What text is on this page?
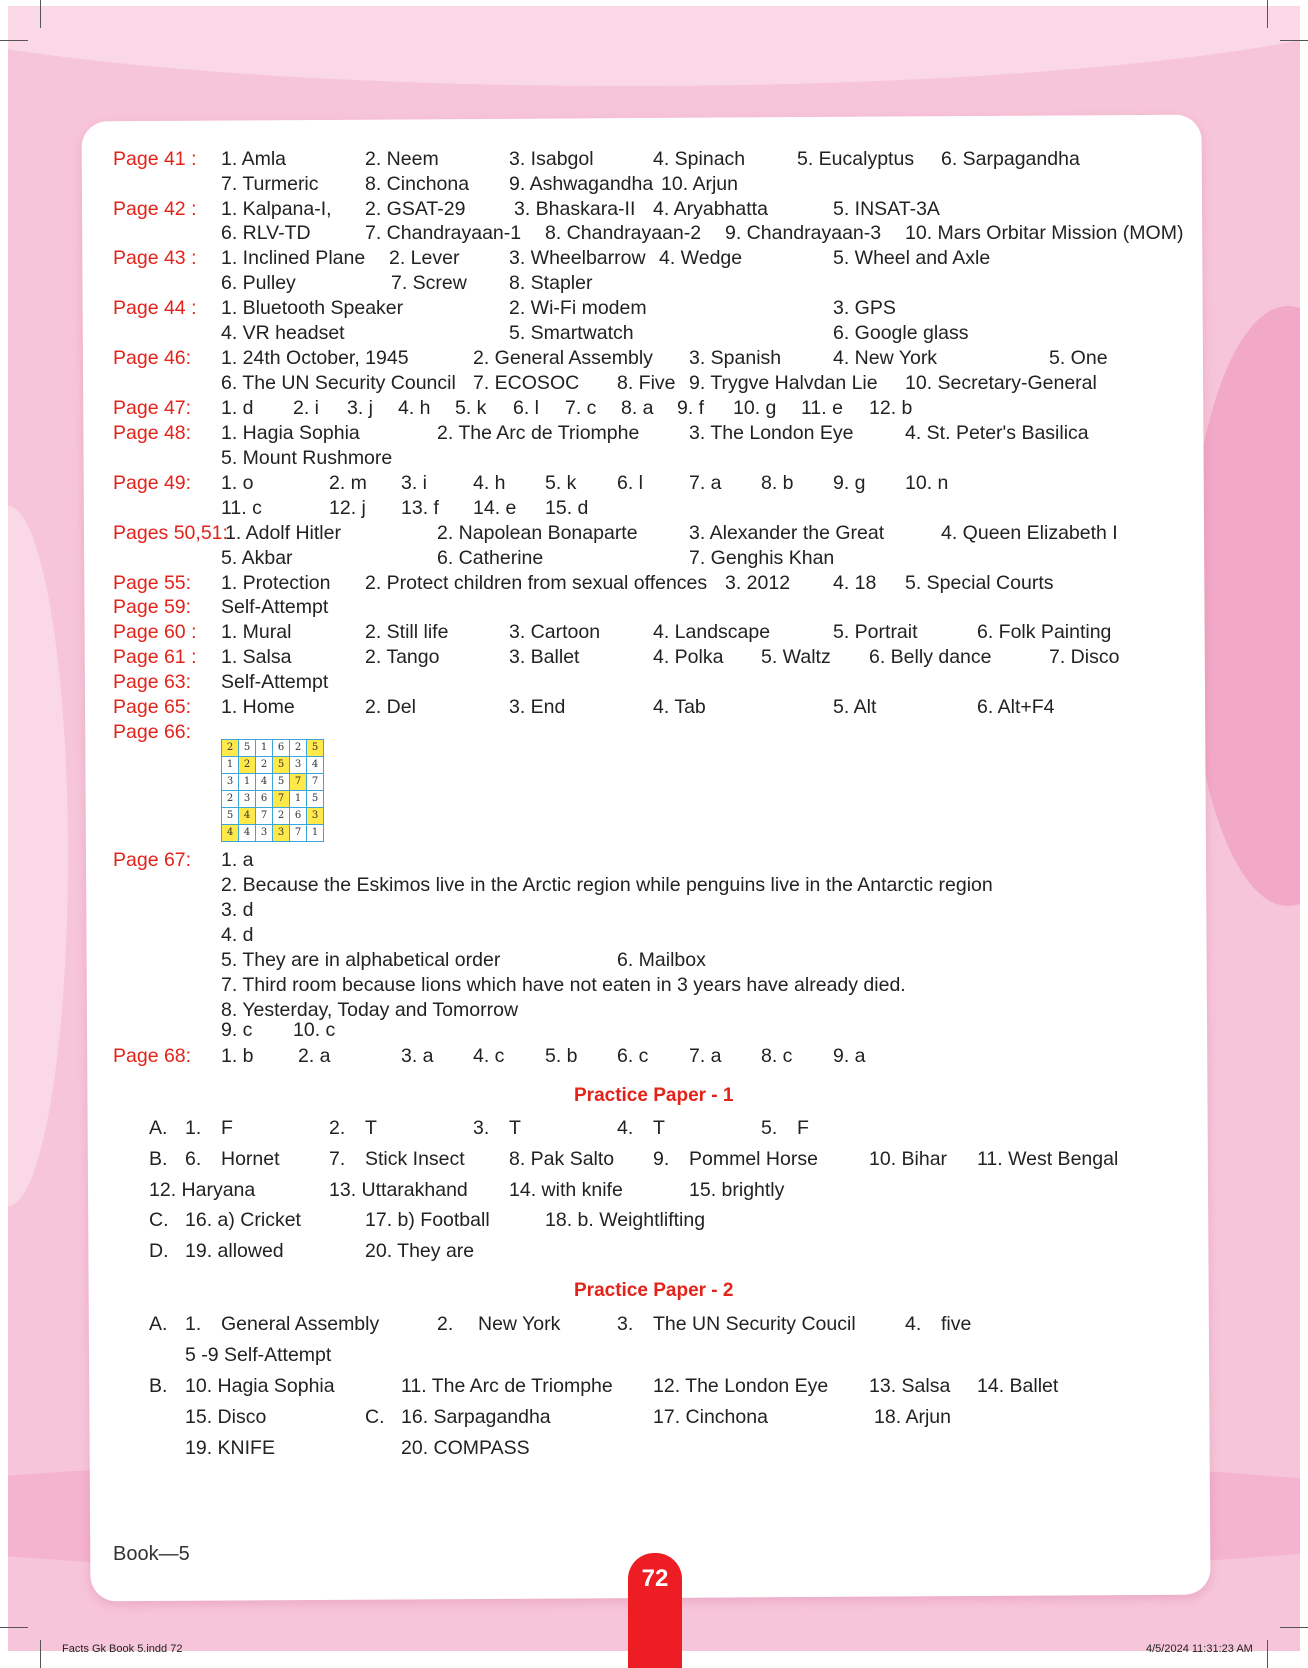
Page 41 : 1. Amla	2. Neem	3. Isabgol	4. Spinach	5. Eucalyptus 6. Sarpagandha
7. Turmeric 8. Cinchona 9. Ashwagandha 10. Arjun
Page 42 : 1. Kalpana-I, 2. GSAT-29 3. Bhaskara-II 4. Aryabhatta	5. INSAT-3A
6. RLV-TD	7. Chandrayaan-1 8. Chandrayaan-2 9. Chandrayaan-3 10. Mars Orbitar Mission (MOM)
Page 43 : 1. Inclined Plane 2. Lever	3. Wheelbarrow 4. Wedge	5. Wheel and Axle
6. Pulley	7. Screw 8. Stapler
Page 44 : 1. Bluetooth Speaker	2. Wi-Fi modem	3. GPS
4. VR headset	5. Smartwatch	6. Google glass
Page 46: 1. 24th October, 1945	2. General Assembly 3. Spanish	4. New York	5. One
6. The UN Security Council 7. ECOSOC 8. Five 9. Trygve Halvdan Lie 10. Secretary-General
Page 47: 1. d 2. i 3. j 4. h 5. k 6. l 7. c 8. a 9. f 10. g 11. e 12. b
Page 48: 1. Hagia Sophia	2. The Arc de Triomphe	3. The London Eye	4. St. Peter's Basilica
5. Mount Rushmore
Page 49: 1. o	2. m 3. i 4. h 5. k 6. l 7. a 8. b 9. g 10. n
11. c	12. j 13. f 14. e 15. d
Pages 50,51:
1. Adolf Hitler	2. Napolean Bonaparte	3. Alexander the Great	4. Queen Elizabeth I
5. Akbar	6. Catherine	7. Genghis Khan
Page 55: 1. Protection 2. Protect children from sexual offences 3. 2012 4. 18 5. Special Courts
Page 59: Self-Attempt
Page 60 : 1. Mural	2. Still life	3. Cartoon	4. Landscape	5. Portrait	6. Folk Painting
Page 61 : 1. Salsa	2. Tango	3. Ballet	4. Polka 5. Waltz 6. Belly dance	7. Disco
Page 63: Self-Attempt
Page 65: 1. Home	2. Del	3. End	4. Tab	5. Alt	6. Alt+F4
Page 66:
Page 67: 1. a
2. Because the Eskimos live in the Arctic region while penguins live in the Antarctic region
3. d
4. d
5. They are in alphabetical order	6. Mailbox
7. Third room because lions which have not eaten in 3 years have already died.
8. Yesterday, Today and Tomorrow
9. c 10. c
Page 68: 1. b 2. a	3. a 4. c 5. b 6. c 7. a 8. c 9. a
A. 1. F	2. T	3. T	4. T	5. F
B. 6. Hornet	7. Stick Insect 8. Pak Salto 9. Pommel Horse	10. Bihar 11. West Bengal
12. Haryana	13. Uttarakhand 14. with knife	15. brightly
C. 16. a) Cricket	17. b) Football	18. b. Weightlifting
D. 19. allowed	20. They are
A. 1. General Assembly	2. New York	3. The UN Security Coucil	4. five
5 -9 Self-Attempt
B. 10. Hagia Sophia	11. The Arc de Triomphe 12. The London Eye 13. Salsa 14. Ballet
15. Disco	C. 16. Sarpagandha	17. Cinchona	18. Arjun
19. KNIFE	20. COMPASS
2	5	1	6	2	5
1	2	2	5	3	4
3	1	4	5	7	7
2	3	6	7	1	5
5	4	7	2	6	3
4	4	3	3	7	1
Practice Paper - 1
Practice Paper - 2
Book—5
72
Facts Gk Book 5.indd 72	4/5/2024 11:31:23 AM
